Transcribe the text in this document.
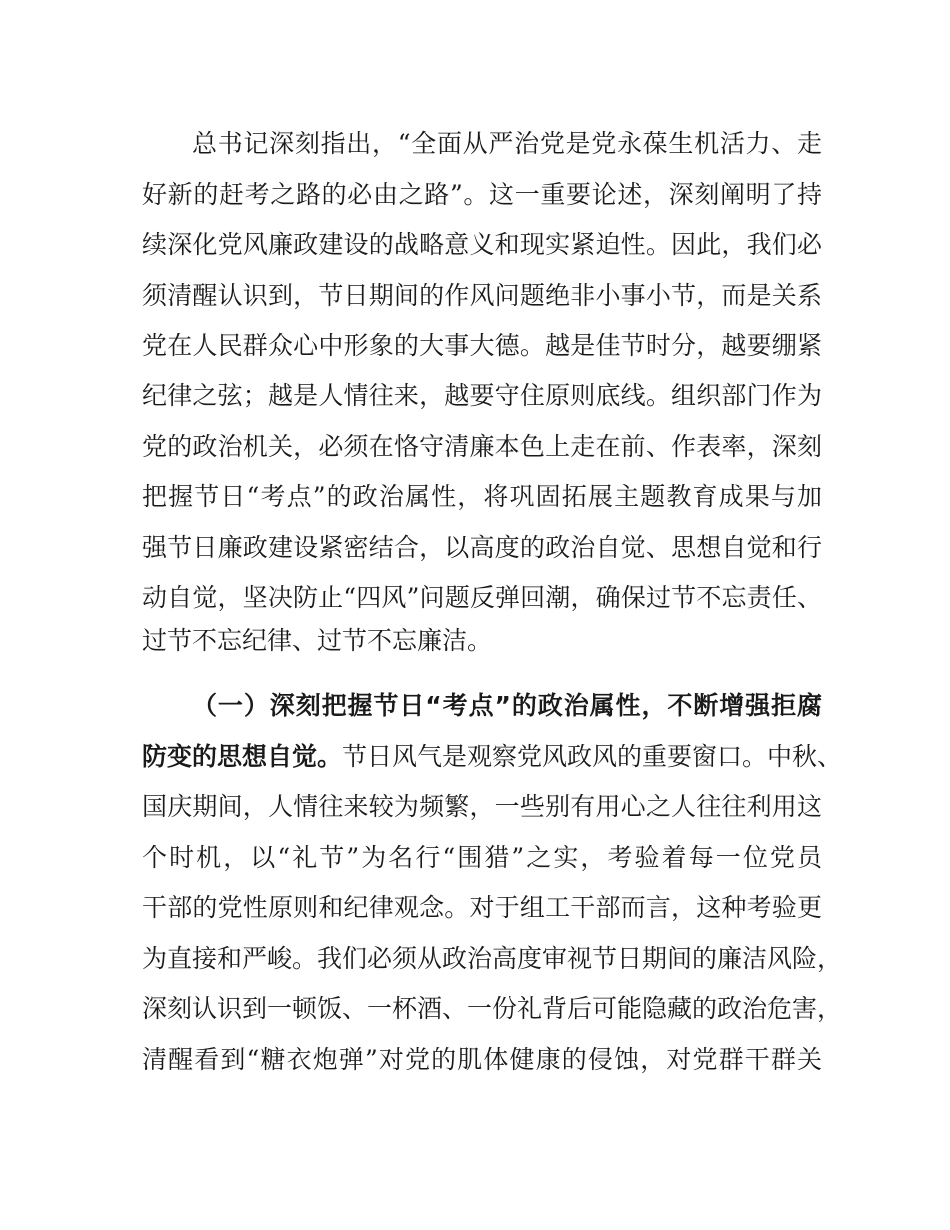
总书记深刻指出，“全面从严治党是党永葆生机活力、走
好新的赶考之路的必由之路”。这一重要论述，深刻阐明了持
续深化党风廉政建设的战略意义和现实紧迫性。因此，我们必
须清醒认识到，节日期间的作风问题绝非小事小节，而是关系
党在人民群众心中形象的大事大德。越是佳节时分，越要绷紧
纪律之弦；越是人情往来，越要守住原则底线。组织部门作为
党的政治机关，必须在恪守清廉本色上走在前、作表率，深刻
把握节日“考点”的政治属性，将巩固拓展主题教育成果与加
强节日廉政建设紧密结合，以高度的政治自觉、思想自觉和行
动自觉，坚决防止“四风”问题反弹回潮，确保过节不忘责任、
过节不忘纪律、过节不忘廉洁。
（一）深刻把握节日“考点”的政治属性，不断增强拒腐
防变的思想自觉。节日风气是观察党风政风的重要窗口。中秋、
国庆期间，人情往来较为频繁，一些别有用心之人往往利用这
个时机，以“礼节”为名行“围猎”之实，考验着每一位党员
干部的党性原则和纪律观念。对于组工干部而言，这种考验更
为直接和严峻。我们必须从政治高度审视节日期间的廉洁风险，
深刻认识到一顿饭、一杯酒、一份礼背后可能隐藏的政治危害，
清醒看到“糖衣炮弹”对党的肌体健康的侵蚀，对党群干群关
